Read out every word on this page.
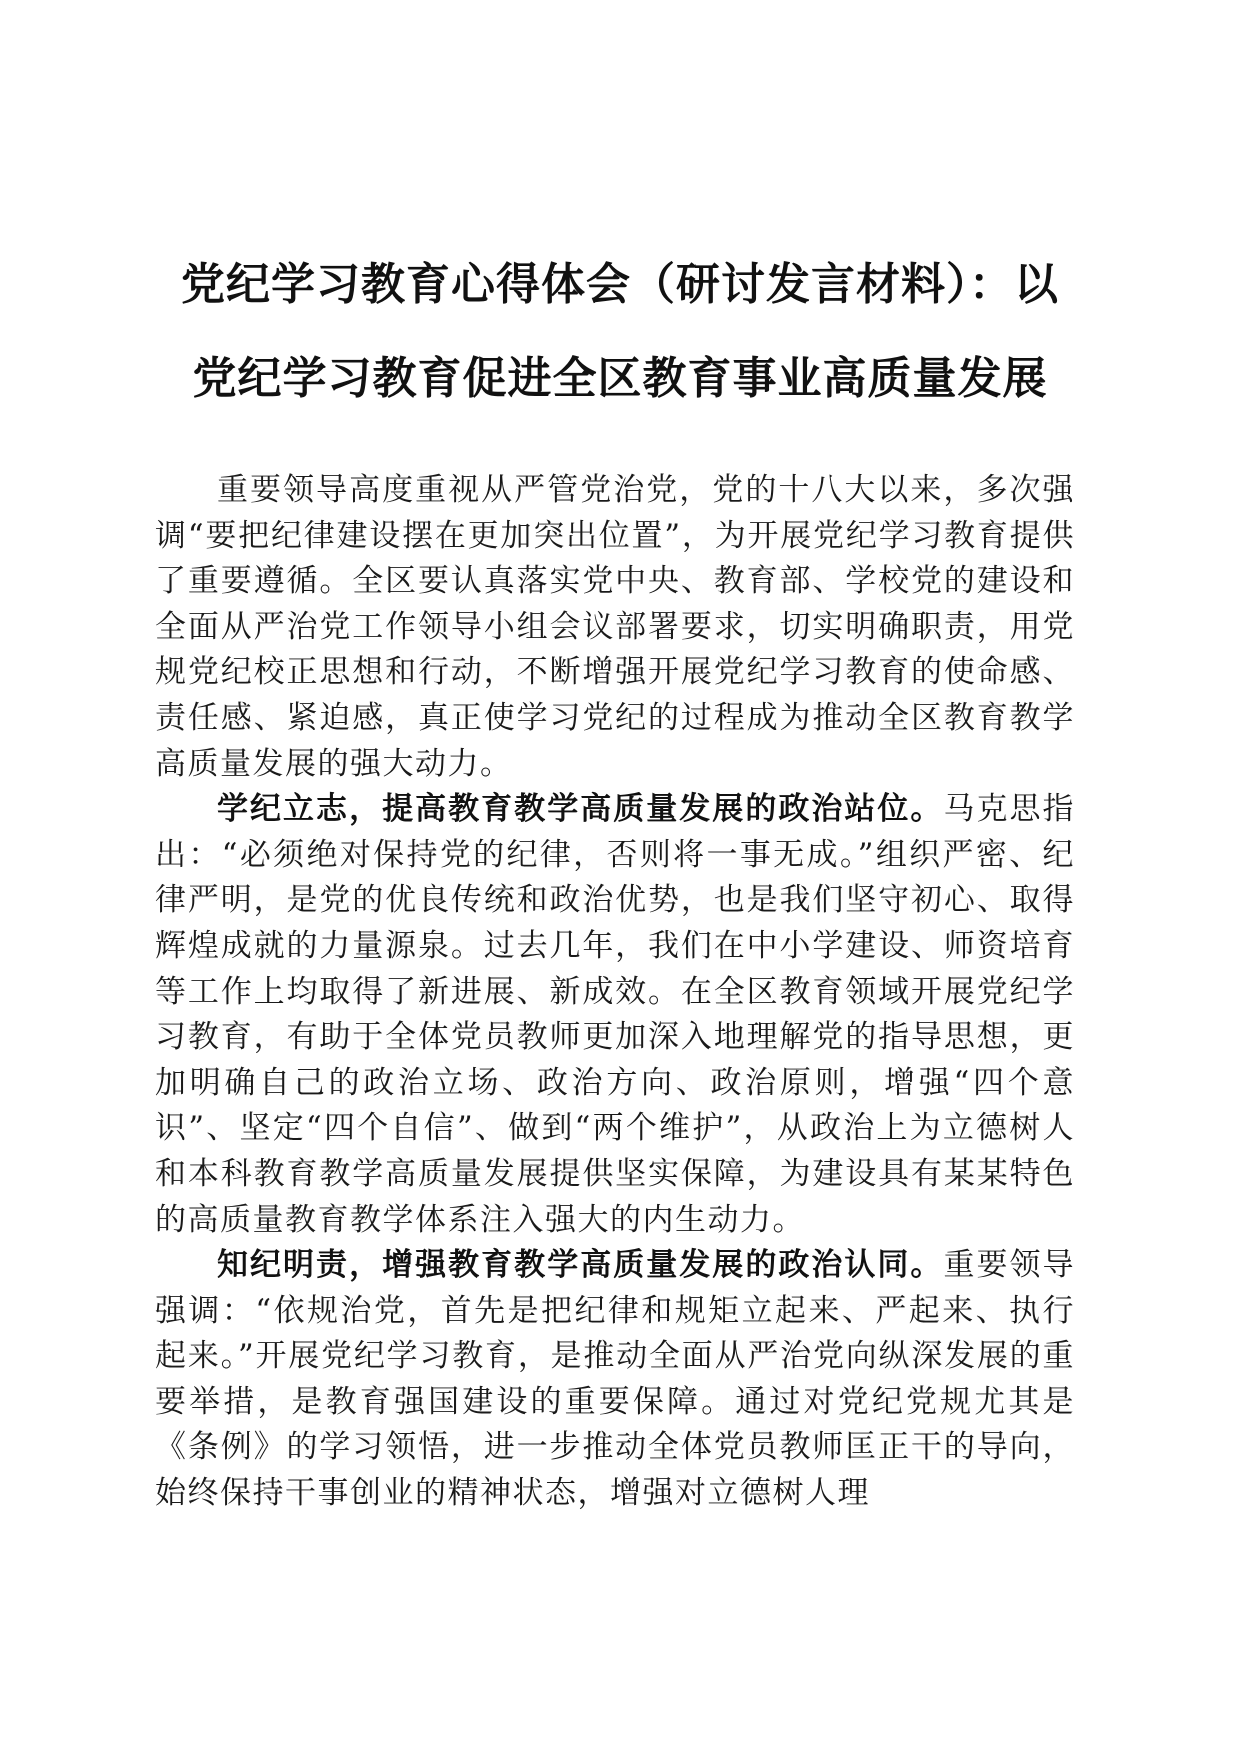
党纪学习教育心得体会（研讨发言材料）：以
党纪学习教育促进全区教育事业高质量发展

重要领导高度重视从严管党治党，党的十八大以来，多次强调“要把纪律建设摆在更加突出位置”，为开展党纪学习教育提供了重要遵循。全区要认真落实党中央、教育部、学校党的建设和全面从严治党工作领导小组会议部署要求，切实明确职责，用党规党纪校正思想和行动，不断增强开展党纪学习教育的使命感、责任感、紧迫感，真正使学习党纪的过程成为推动全区教育教学高质量发展的强大动力。

学纪立志，提高教育教学高质量发展的政治站位。马克思指出：“必须绝对保持党的纪律，否则将一事无成。”组织严密、纪律严明，是党的优良传统和政治优势，也是我们坚守初心、取得辉煌成就的力量源泉。过去几年，我们在中小学建设、师资培育等工作上均取得了新进展、新成效。在全区教育领域开展党纪学习教育，有助于全体党员教师更加深入地理解党的指导思想，更加明确自己的政治立场、政治方向、政治原则，增强“四个意识”、坚定“四个自信”、做到“两个维护”，从政治上为立德树人和本科教育教学高质量发展提供坚实保障，为建设具有某某特色的高质量教育教学体系注入强大的内生动力。

知纪明责，增强教育教学高质量发展的政治认同。重要领导强调：“依规治党，首先是把纪律和规矩立起来、严起来、执行起来。”开展党纪学习教育，是推动全面从严治党向纵深发展的重要举措，是教育强国建设的重要保障。通过对党纪党规尤其是《条例》的学习领悟，进一步推动全体党员教师匡正干的导向，始终保持干事创业的精神状态，增强对立德树人理
